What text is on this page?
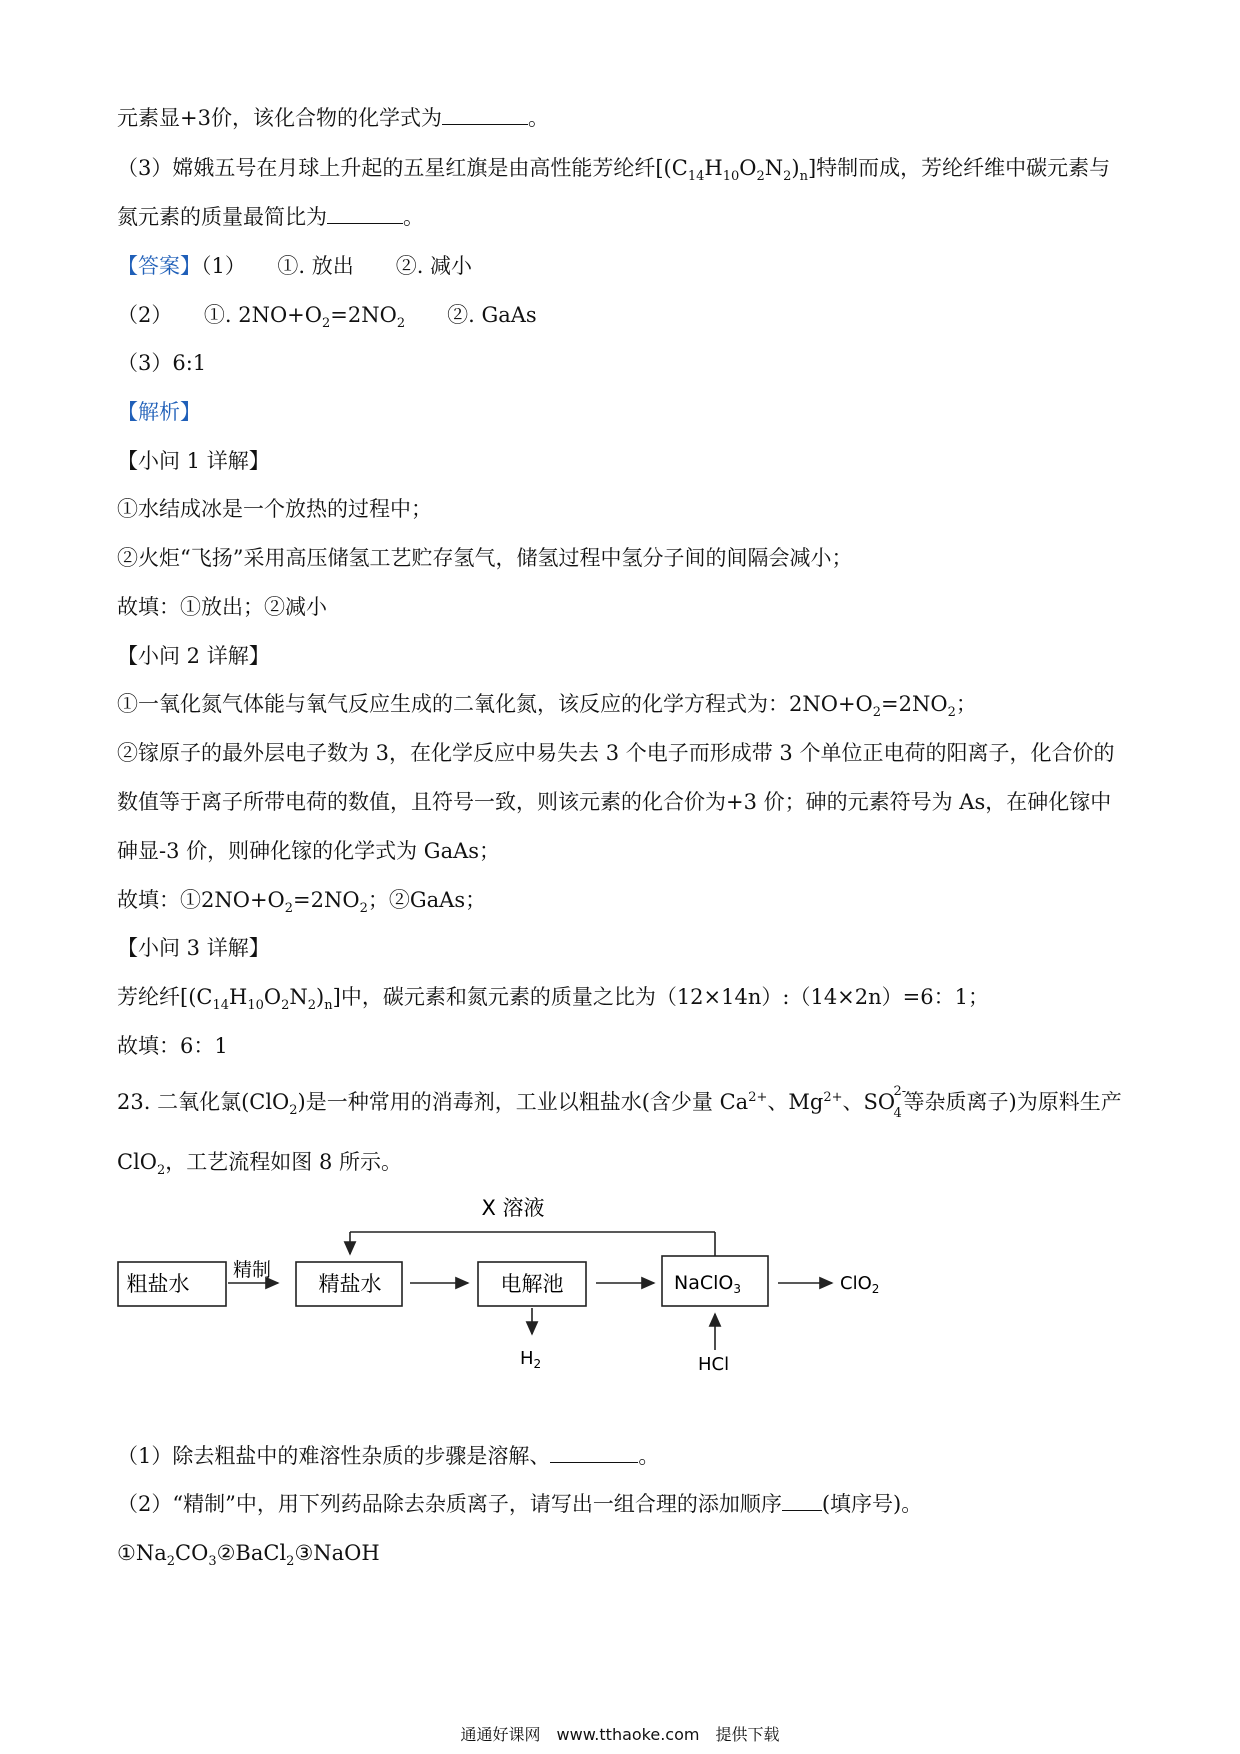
元素显+3价，该化合物的化学式为	。
（3）嫦娥五号在月球上升起的五星红旗是由高性能芳纶纤$[(C_{14}H_{10}O_2N_2)_n]$特制而成，芳纶纤维中碳元素与
氮元素的质量最简比为	。
【答案】（1）　　①. 放出　　②. 减小
（2）　　①. $2NO+O_2=2NO_2$　　②. GaAs
（3）6:1
【解析】
【小问 1 详解】
①水结成冰是一个放热的过程中；
②火炬“飞扬”采用高压储氢工艺贮存氢气，储氢过程中氢分子间的间隔会减小；
故填：①放出；②减小
【小问 2 详解】
①一氧化氮气体能与氧气反应生成的二氧化氮，该反应的化学方程式为：$2NO+O_2=2NO_2$；
②镓原子的最外层电子数为 3，在化学反应中易失去 3 个电子而形成带 3 个单位正电荷的阳离子，化合价的
数值等于离子所带电荷的数值，且符号一致，则该元素的化合价为+3 价；砷的元素符号为 As，在砷化镓中
砷显-3 价，则砷化镓的化学式为 GaAs；
故填：$①2NO+O_2=2NO_2$；②GaAs；
【小问 3 详解】
芳纶纤$[(C_{14}H_{10}O_2N_2)_n]$中，碳元素和氮元素的质量之比为（12×14n）:（14×2n）=6：1；
故填：6：1
23. 二氧化氯(ClO$_2$)是一种常用的消毒剂，工业以粗盐水(含少量 $Ca^{2+}$、$Mg^{2+}$、 SO
2-
4 等杂质离子)为原料生产
ClO$_2$，工艺流程如图 8 所示。
X 溶液
粗盐水
精制
精盐水	电解池
$H_2$
NaClO$_3$
HCl
ClO$_2$
（1）除去粗盐中的难溶性杂质的步骤是溶解、	。
（2）“精制”中，用下列药品除去杂质离子，请写出一组合理的添加顺序 (填序号)。
$①Na_2CO_3②BaCl_2③NaOH$
通通好课网　www.tthaoke.com　提供下载
